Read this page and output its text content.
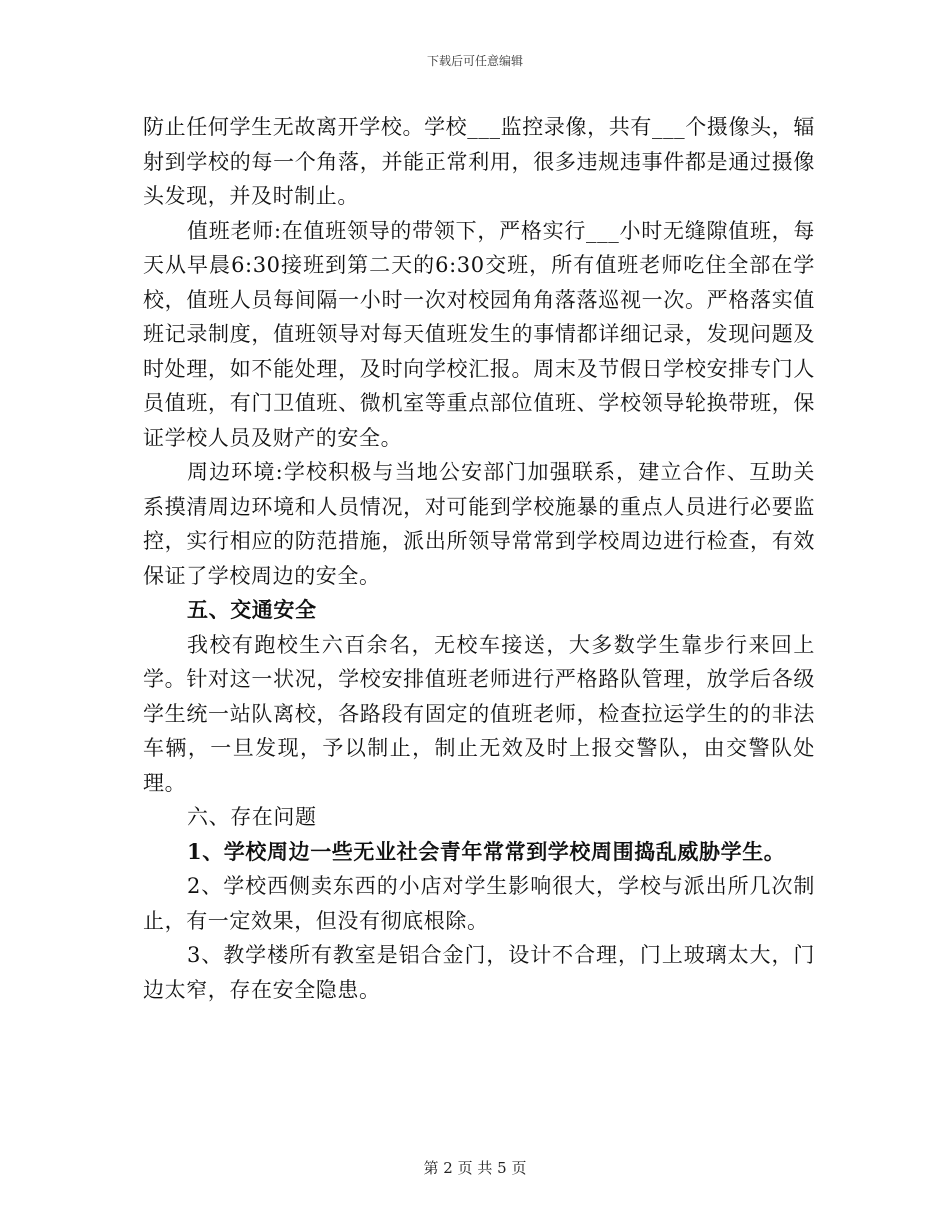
下载后可任意编辑

防止任何学生无故离开学校。学校___监控录像，共有___个摄像头，辐射到学校的每一个角落，并能正常利用，很多违规违事件都是通过摄像头发现，并及时制止。

值班老师:在值班领导的带领下，严格实行___小时无缝隙值班，每天从早晨6:30接班到第二天的6:30交班，所有值班老师吃住全部在学校，值班人员每间隔一小时一次对校园角角落落巡视一次。严格落实值班记录制度，值班领导对每天值班发生的事情都详细记录，发现问题及时处理，如不能处理，及时向学校汇报。周末及节假日学校安排专门人员值班，有门卫值班、微机室等重点部位值班、学校领导轮换带班，保证学校人员及财产的安全。

周边环境:学校积极与当地公安部门加强联系，建立合作、互助关系摸清周边环境和人员情况，对可能到学校施暴的重点人员进行必要监控，实行相应的防范措施，派出所领导常常到学校周边进行检查，有效保证了学校周边的安全。

五、交通安全

我校有跑校生六百余名，无校车接送，大多数学生靠步行来回上学。针对这一状况，学校安排值班老师进行严格路队管理，放学后各级学生统一站队离校，各路段有固定的值班老师，检查拉运学生的的非法车辆，一旦发现，予以制止，制止无效及时上报交警队，由交警队处理。

六、存在问题

1、学校周边一些无业社会青年常常到学校周围捣乱威胁学生。

2、学校西侧卖东西的小店对学生影响很大，学校与派出所几次制止，有一定效果，但没有彻底根除。

3、教学楼所有教室是铝合金门，设计不合理，门上玻璃太大，门边太窄，存在安全隐患。

第 2 页 共 5 页
